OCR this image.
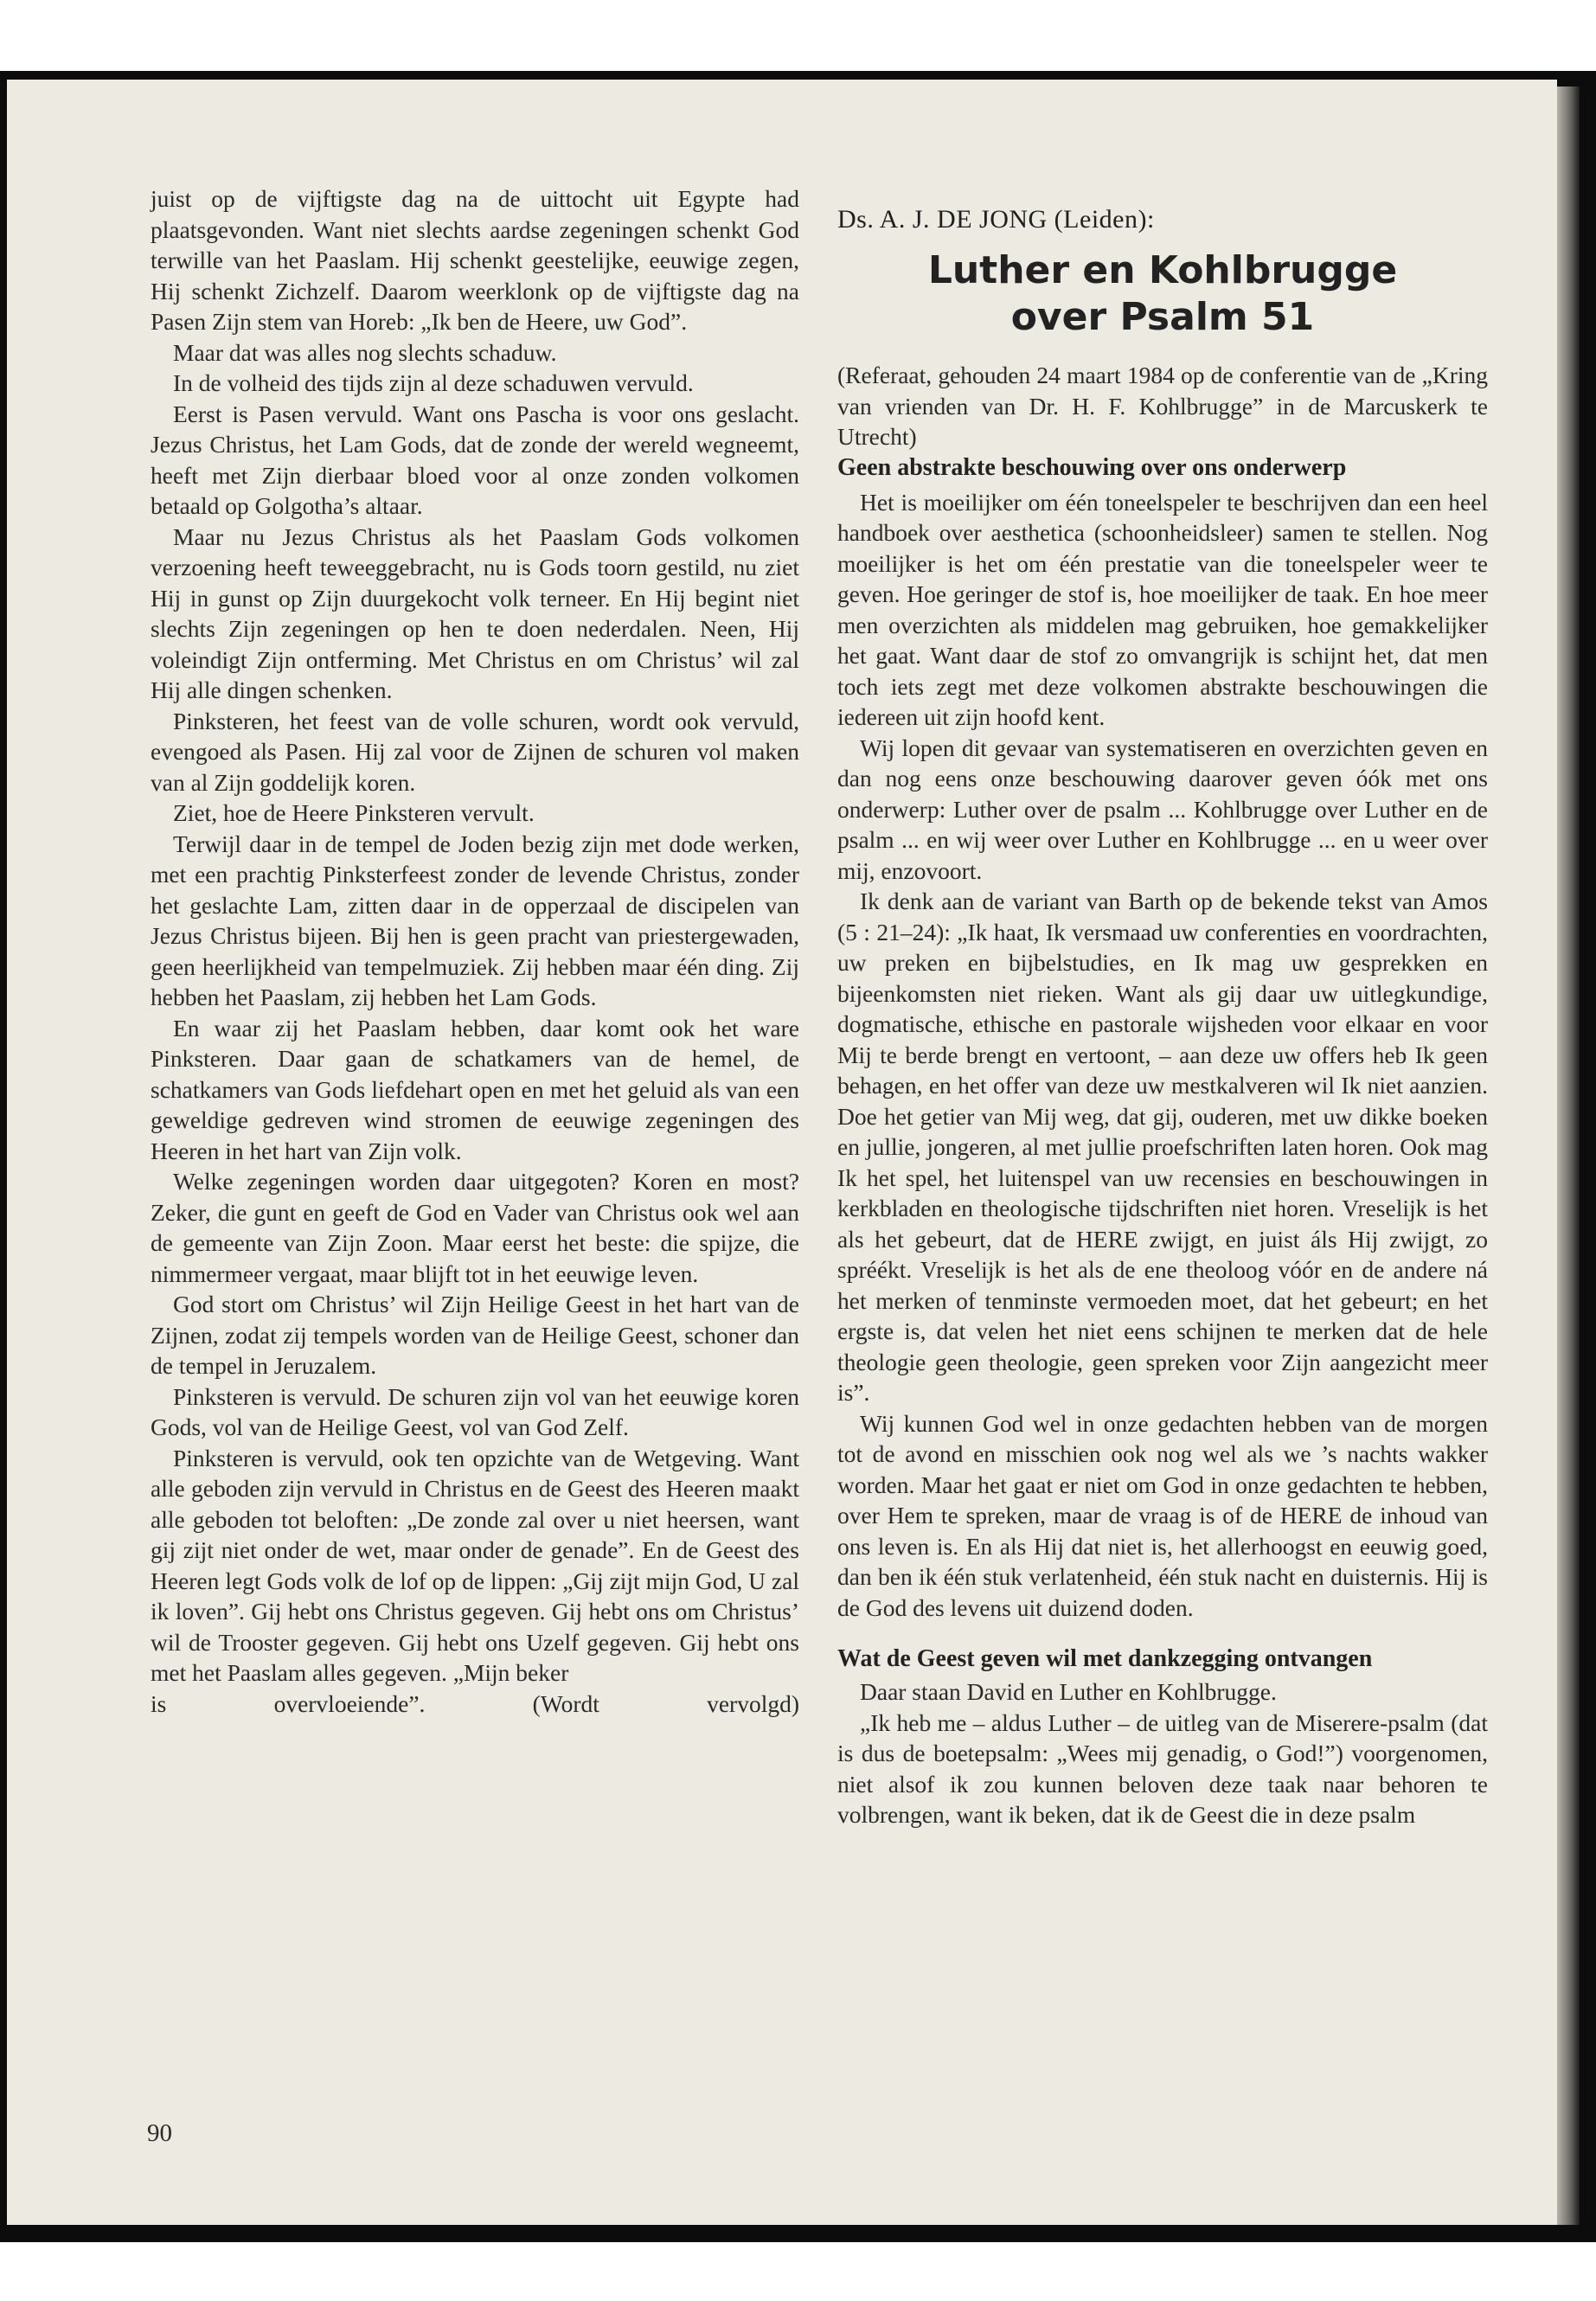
juist op de vijftigste dag na de uittocht uit Egypte had plaatsgevonden. Want niet slechts aardse zegeningen schenkt God terwille van het Paaslam. Hij schenkt geestelijke, eeuwige zegen, Hij schenkt Zichzelf. Daarom weerklonk op de vijftigste dag na Pasen Zijn stem van Horeb: „Ik ben de Heere, uw God”.

Maar dat was alles nog slechts schaduw.

In de volheid des tijds zijn al deze schaduwen vervuld.

Eerst is Pasen vervuld. Want ons Pascha is voor ons geslacht. Jezus Christus, het Lam Gods, dat de zonde der wereld wegneemt, heeft met Zijn dierbaar bloed voor al onze zonden volkomen betaald op Golgotha’s altaar.

Maar nu Jezus Christus als het Paaslam Gods volkomen verzoening heeft teweeggebracht, nu is Gods toorn gestild, nu ziet Hij in gunst op Zijn duurgekocht volk terneer. En Hij begint niet slechts Zijn zegeningen op hen te doen nederdalen. Neen, Hij voleindigt Zijn ontferming. Met Christus en om Christus’ wil zal Hij alle dingen schenken.

Pinksteren, het feest van de volle schuren, wordt ook vervuld, evengoed als Pasen. Hij zal voor de Zijnen de schuren vol maken van al Zijn goddelijk koren.

Ziet, hoe de Heere Pinksteren vervult.

Terwijl daar in de tempel de Joden bezig zijn met dode werken, met een prachtig Pinksterfeest zonder de levende Christus, zonder het geslachte Lam, zitten daar in de opperzaal de discipelen van Jezus Christus bijeen. Bij hen is geen pracht van priestergewaden, geen heerlijkheid van tempelmuziek. Zij hebben maar één ding. Zij hebben het Paaslam, zij hebben het Lam Gods.

En waar zij het Paaslam hebben, daar komt ook het ware Pinksteren. Daar gaan de schatkamers van de hemel, de schatkamers van Gods liefdehart open en met het geluid als van een geweldige gedreven wind stromen de eeuwige zegeningen des Heeren in het hart van Zijn volk.

Welke zegeningen worden daar uitgegoten? Koren en most? Zeker, die gunt en geeft de God en Vader van Christus ook wel aan de gemeente van Zijn Zoon. Maar eerst het beste: die spijze, die nimmermeer vergaat, maar blijft tot in het eeuwige leven.

God stort om Christus’ wil Zijn Heilige Geest in het hart van de Zijnen, zodat zij tempels worden van de Heilige Geest, schoner dan de tempel in Jeruzalem.

Pinksteren is vervuld. De schuren zijn vol van het eeuwige koren Gods, vol van de Heilige Geest, vol van God Zelf.

Pinksteren is vervuld, ook ten opzichte van de Wetgeving. Want alle geboden zijn vervuld in Christus en de Geest des Heeren maakt alle geboden tot beloften: „De zonde zal over u niet heersen, want gij zijt niet onder de wet, maar onder de genade”. En de Geest des Heeren legt Gods volk de lof op de lippen: „Gij zijt mijn God, U zal ik loven”. Gij hebt ons Christus gegeven. Gij hebt ons om Christus’ wil de Trooster gegeven. Gij hebt ons Uzelf gegeven. Gij hebt ons met het Paaslam alles gegeven. „Mijn beker

is overvloeiende”.	(Wordt vervolgd)

90
Ds. A. J. DE JONG (Leiden):
Luther en Kohlbrugge
over Psalm 51

(Referaat, gehouden 24 maart 1984 op de conferentie van de „Kring van vrienden van Dr. H. F. Kohlbrugge” in de Marcuskerk te Utrecht)

Geen abstrakte beschouwing over ons onderwerp

Het is moeilijker om één toneelspeler te beschrijven dan een heel handboek over aesthetica (schoonheidsleer) samen te stellen. Nog moeilijker is het om één prestatie van die toneelspeler weer te geven. Hoe geringer de stof is, hoe moeilijker de taak. En hoe meer men overzichten als middelen mag gebruiken, hoe gemakkelijker het gaat. Want daar de stof zo omvangrijk is schijnt het, dat men toch iets zegt met deze volkomen abstrakte beschouwingen die iedereen uit zijn hoofd kent.

Wij lopen dit gevaar van systematiseren en overzichten geven en dan nog eens onze beschouwing daarover geven óók met ons onderwerp: Luther over de psalm ... Kohlbrugge over Luther en de psalm ... en wij weer over Luther en Kohlbrugge ... en u weer over mij, enzovoort.

Ik denk aan de variant van Barth op de bekende tekst van Amos (5 : 21–24): „Ik haat, Ik versmaad uw conferenties en voordrachten, uw preken en bijbelstudies, en Ik mag uw gesprekken en bijeenkomsten niet rieken. Want als gij daar uw uitlegkundige, dogmatische, ethische en pastorale wijsheden voor elkaar en voor Mij te berde brengt en vertoont, – aan deze uw offers heb Ik geen behagen, en het offer van deze uw mestkalveren wil Ik niet aanzien. Doe het getier van Mij weg, dat gij, ouderen, met uw dikke boeken en jullie, jongeren, al met jullie proefschriften laten horen. Ook mag Ik het spel, het luitenspel van uw recensies en beschouwingen in kerkbladen en theologische tijdschriften niet horen. Vreselijk is het als het gebeurt, dat de HERE zwijgt, en juist áls Hij zwijgt, zo spréékt. Vreselijk is het als de ene theoloog vóór en de andere ná het merken of tenminste vermoeden moet, dat het gebeurt; en het ergste is, dat velen het niet eens schijnen te merken dat de hele theologie geen theologie, geen spreken voor Zijn aangezicht meer is”.

Wij kunnen God wel in onze gedachten hebben van de morgen tot de avond en misschien ook nog wel als we ’s nachts wakker worden. Maar het gaat er niet om God in onze gedachten te hebben, over Hem te spreken, maar de vraag is of de HERE de inhoud van ons leven is. En als Hij dat niet is, het allerhoogst en eeuwig goed, dan ben ik één stuk verlatenheid, één stuk nacht en duisternis. Hij is de God des levens uit duizend doden.

Wat de Geest geven wil met dankzegging ontvangen

Daar staan David en Luther en Kohlbrugge.

„Ik heb me – aldus Luther – de uitleg van de Miserere-psalm (dat is dus de boetepsalm: „Wees mij genadig, o God!”) voorgenomen, niet alsof ik zou kunnen beloven deze taak naar behoren te volbrengen, want ik beken, dat ik de Geest die in deze psalm
